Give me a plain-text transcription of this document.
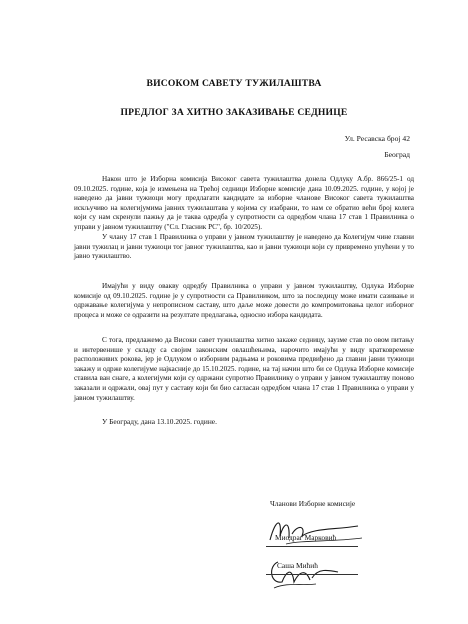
ВИСОКОМ САВЕТУ ТУЖИЛАШТВА
ПРЕДЛОГ ЗА ХИТНО ЗАКАЗИВАЊЕ СЕДНИЦЕ
Ул. Ресавска број 42
Београд

Након што је Изборна комисија Високог савета тужилаштва донела Одлуку А.бр. 866/25-1 од 09.10.2025. године, која је измењена на Трећој седници Изборне комисије дана 10.09.2025. године, у којој је наведено да јавни тужиоци могу предлагати кандидате за изборне чланове Високог савета тужилаштва искључиво на колегијумима јавних тужилаштава у којима су изабрани, то нам се обратио већи број колега који су нам скренули пажњу да је таква одредба у супротности са одредбом члана 17 став 1 Правилника о управи у јавном тужилаштву ("Сл. Гласник РС", бр. 10/2025).

У члану 17 став 1 Правилника о управи у јавном тужилаштву је наведено да Колегијум чине главни јавни тужилац и јавни тужиоци тог јавног тужилаштва, као и јавни тужиоци који су привремено упућени у то јавно тужилаштво.

Имајући у виду овакву одредбу Правилника о управи у јавном тужилаштву, Одлука Изборне комисије од 09.10.2025. године је у супротности са Правилником, што за последицу може имати сазивање и одржавање колегијума у непрописном саставу, што даље може довести до компромитовања целог изборног процеса и може се одразити на резултате предлагања, односно избора кандидата.

С тога, предлажемо да Високи савет тужилаштва хитно закаже седницу, заузме став по овом питању и интервенише у складу са својим законским овлашћењима, нарочито имајући у виду кратковремене расположивих рокова, јер је Одлуком о изборним радњама и роковима предвиђено да главни јавни тужиоци закажу и одрже колегијуме најкасније до 15.10.2025. године, на тај начин што би се Одлука Изборне комисије ставила ван снаге, а колегијуми који су одржани супротно Правилнику о управи у јавном тужилаштву поново заказали и одржали, овај пут у саставу који би био сагласан одредбом члана 17 став 1 Правилника о управи у јавном тужилаштву.

У Београду, дана 13.10.2025. године.
Чланови Изборне комисије
Миодраг Марковић
Саша Мићић
